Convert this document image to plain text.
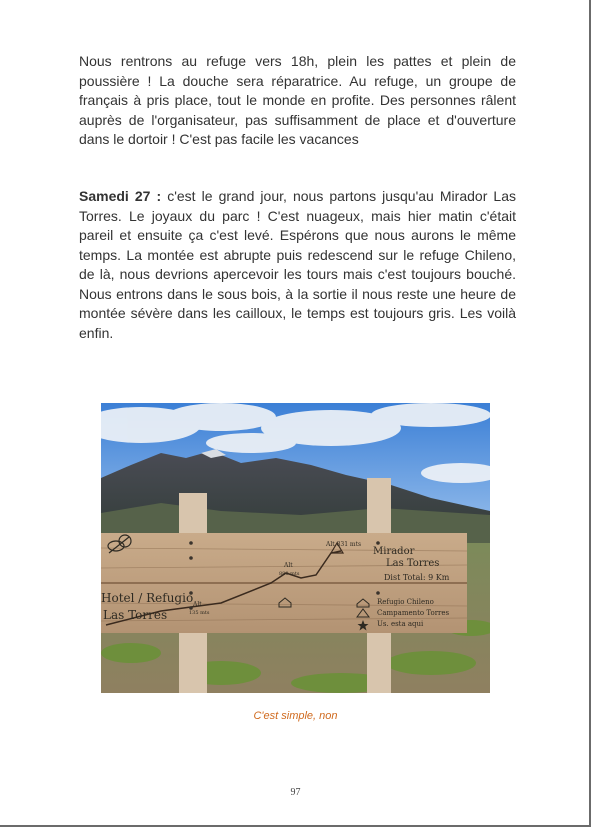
Nous rentrons au refuge vers 18h, plein les pattes et plein de poussière ! La douche sera réparatrice. Au refuge, un groupe de français à pris place, tout le monde en profite. Des personnes râlent auprès de l'organisateur, pas suffisamment de place et d'ouverture dans le dortoir ! C'est pas facile les vacances

Samedi 27 : c'est le grand jour, nous partons jusqu'au Mirador Las Torres. Le joyaux du parc ! C'est nuageux, mais hier matin c'était pareil et ensuite ça c'est levé. Espérons que nous aurons le même temps. La montée est abrupte puis redescend sur le refuge Chileno, de là, nous devrions apercevoir les tours mais c'est toujours bouché. Nous entrons dans le sous bois, à la sortie il nous reste une heure de montée sévère dans les cailloux, le temps est toujours gris. Les voilà enfin.

Hotel / Refugio
Las Torres
Mirador
Las Torres
Dist Total: 9 Km
Alt
135 mts
Alt
880 mts
Alt 831 mts
Refugio Chileno
Campamento Torres
Us. esta aqui
C'est simple, non
97
